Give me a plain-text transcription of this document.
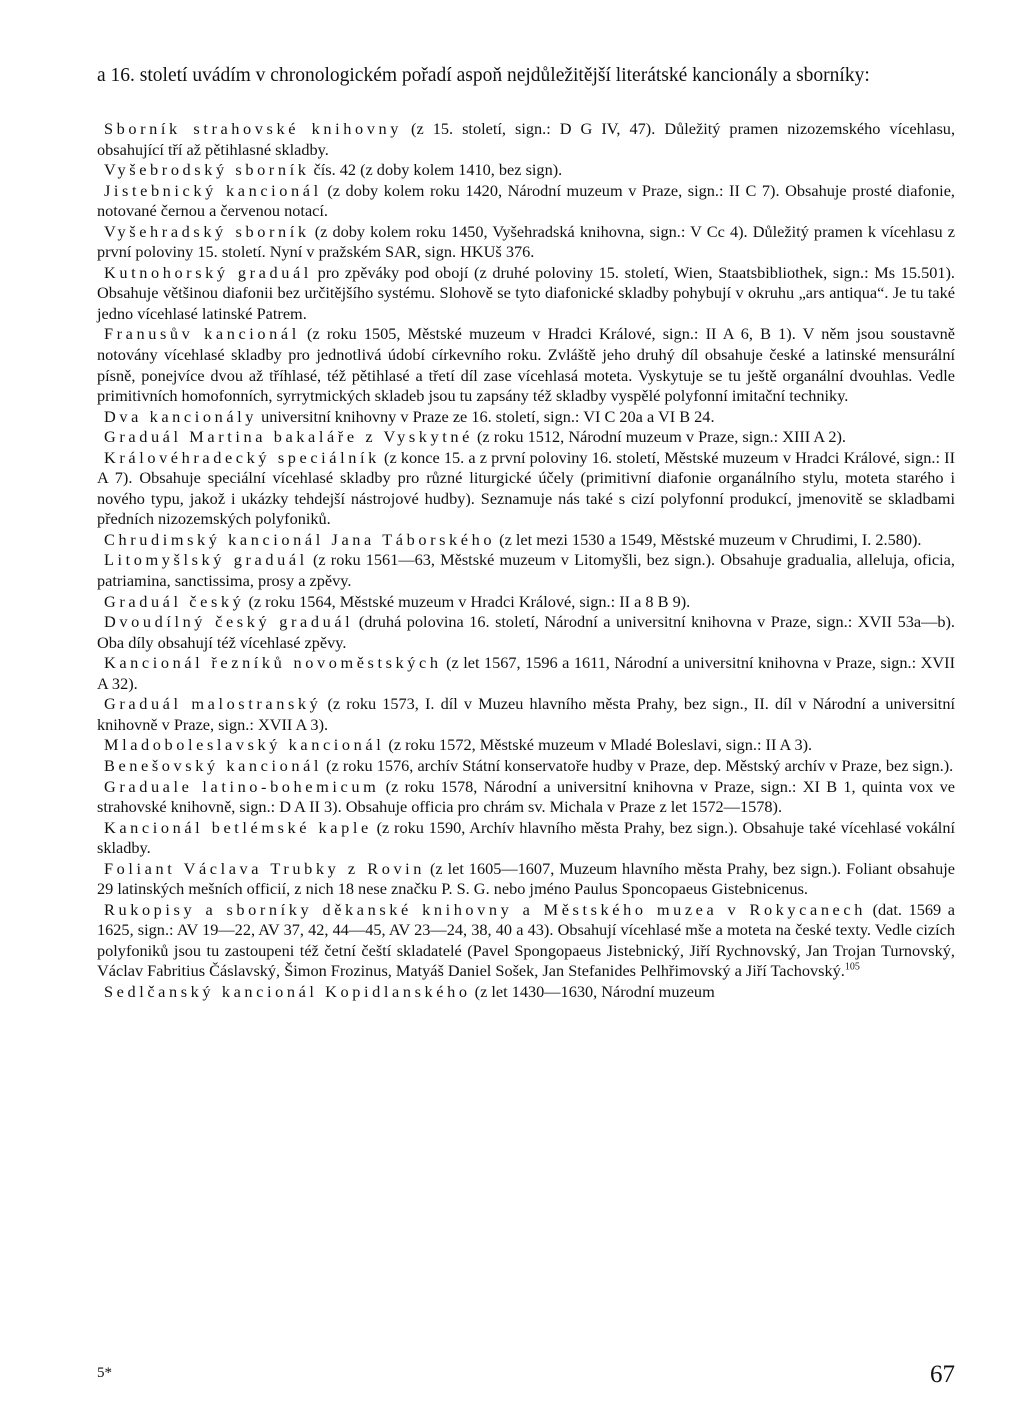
a 16. století uvádím v chronologickém pořadí aspoň nejdůležitější literátské kancionály a sborníky:

Sborník strahovské knihovny (z 15. století, sign.: D G IV, 47). Důležitý pramen nizozemského vícehlasu, obsahující tří až pětihlasné skladby.

Vyšebrodský sborník čís. 42 (z doby kolem 1410, bez sign).

Jistebnický kancionál (z doby kolem roku 1420, Národní muzeum v Praze, sign.: II C 7). Obsahuje prosté diafonie, notované černou a červenou notací.

Vyšehradský sborník (z doby kolem roku 1450, Vyšehradská knihovna, sign.: V Cc 4). Důležitý pramen k vícehlasu z první poloviny 15. století. Nyní v pražském SAR, sign. HKUš 376.

Kutnohorský graduál pro zpěváky pod obojí (z druhé poloviny 15. století, Wien, Staatsbibliothek, sign.: Ms 15.501). Obsahuje většinou diafonii bez určitějšího systému. Slohově se tyto diafonické skladby pohybují v okruhu „ars antiqua“. Je tu také jedno vícehlasé latinské Patrem.

Franusův kancionál (z roku 1505, Městské muzeum v Hradci Králové, sign.: II A 6, B 1). V něm jsou soustavně notovány vícehlasé skladby pro jednotlivá údobí církevního roku. Zvláště jeho druhý díl obsahuje české a latinské mensurální písně, ponejvíce dvou až tříhlasé, též pětihlasé a třetí díl zase vícehlasá moteta. Vyskytuje se tu ještě organální dvouhlas. Vedle primitivních homofonních, syrrytmických skladeb jsou tu zapsány též skladby vyspělé polyfonní imitační techniky.

Dva kancionály universitní knihovny v Praze ze 16. století, sign.: VI C 20a a VI B 24.

Graduál Martina bakaláře z Vyskytné (z roku 1512, Národní muzeum v Praze, sign.: XIII A 2).

Královéhradecký speciálník (z konce 15. a z první poloviny 16. století, Městské muzeum v Hradci Králové, sign.: II A 7). Obsahuje speciální vícehlasé skladby pro různé liturgické účely (primitivní diafonie organálního stylu, moteta starého i nového typu, jakož i ukázky tehdejší nástrojové hudby). Seznamuje nás také s cizí polyfonní produkcí, jmenovitě se skladbami předních nizozemských polyfoniků.

Chrudimský kancionál Jana Táborského (z let mezi 1530 a 1549, Městské muzeum v Chrudimi, I. 2.580).

Litomyšlský graduál (z roku 1561—63, Městské muzeum v Litomyšli, bez sign.). Obsahuje gradualia, alleluja, oficia, patriamina, sanctissima, prosy a zpěvy.

Graduál český (z roku 1564, Městské muzeum v Hradci Králové, sign.: II a 8 B 9).

Dvoudílný český graduál (druhá polovina 16. století, Národní a universitní knihovna v Praze, sign.: XVII 53a—b). Oba díly obsahují též vícehlasé zpěvy.

Kancionál řezníků novoměstských (z let 1567, 1596 a 1611, Národní a universitní knihovna v Praze, sign.: XVII A 32).

Graduál malostranský (z roku 1573, I. díl v Muzeu hlavního města Prahy, bez sign., II. díl v Národní a universitní knihovně v Praze, sign.: XVII A 3).

Mladoboleslavský kancionál (z roku 1572, Městské muzeum v Mladé Boleslavi, sign.: II A 3).

Benešovský kancionál (z roku 1576, archív Státní konservatoře hudby v Praze, dep. Městský archív v Praze, bez sign.).

Graduale latino-bohemicum (z roku 1578, Národní a universitní knihovna v Praze, sign.: XI B 1, quinta vox ve strahovské knihovně, sign.: D A II 3). Obsahuje officia pro chrám sv. Michala v Praze z let 1572—1578).

Kancionál betlémské kaple (z roku 1590, Archív hlavního města Prahy, bez sign.). Obsahuje také vícehlasé vokální skladby.

Foliant Václava Trubky z Rovin (z let 1605—1607, Muzeum hlavního města Prahy, bez sign.). Foliant obsahuje 29 latinských mešních officií, z nich 18 nese značku P. S. G. nebo jméno Paulus Sponcopaeus Gistebnicenus.

Rukopisy a sborníky děkanské knihovny a Městského muzea v Rokycanech (dat. 1569 a 1625, sign.: AV 19—22, AV 37, 42, 44—45, AV 23—24, 38, 40 a 43). Obsahují vícehlasé mše a moteta na české texty. Vedle cizích polyfoniků jsou tu zastoupeni též četní čeští skladatelé (Pavel Spongopaeus Jistebnický, Jiří Rychnovský, Jan Trojan Turnovský, Václav Fabritius Čáslavský, Šimon Frozinus, Matyáš Daniel Sošek, Jan Stefanides Pelhřimovský a Jiří Tachovský.$^{105}$

Sedlčanský kancionál Kopidlanského (z let 1430—1630, Národní muzeum

5*	67
